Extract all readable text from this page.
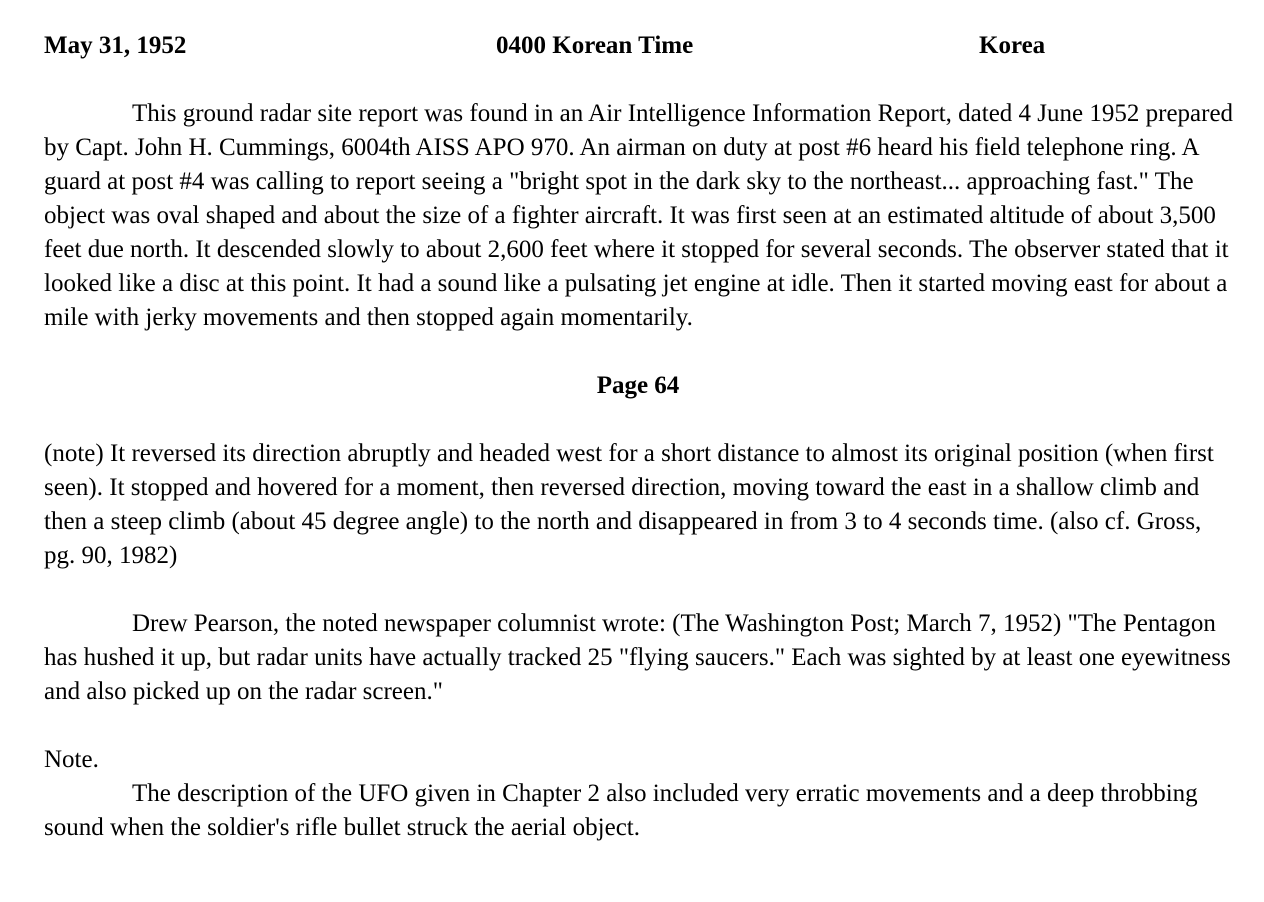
May 31, 1952	0400 Korean Time	Korea

This ground radar site report was found in an Air Intelligence Information Report, dated 4 June 1952 prepared by Capt. John H. Cummings, 6004th AISS APO 970. An airman on duty at post #6 heard his field telephone ring. A guard at post #4 was calling to report seeing a "bright spot in the dark sky to the northeast... approaching fast." The object was oval shaped and about the size of a fighter aircraft. It was first seen at an estimated altitude of about 3,500 feet due north. It descended slowly to about 2,600 feet where it stopped for several seconds. The observer stated that it looked like a disc at this point. It had a sound like a pulsating jet engine at idle. Then it started moving east for about a mile with jerky movements and then stopped again momentarily.

Page 64

(note) It reversed its direction abruptly and headed west for a short distance to almost its original position (when first seen). It stopped and hovered for a moment, then reversed direction, moving toward the east in a shallow climb and then a steep climb (about 45 degree angle) to the north and disappeared in from 3 to 4 seconds time. (also cf. Gross, pg. 90, 1982)

Drew Pearson, the noted newspaper columnist wrote: (The Washington Post; March 7, 1952) "The Pentagon has hushed it up, but radar units have actually tracked 25 "flying saucers." Each was sighted by at least one eyewitness and also picked up on the radar screen."

Note.

The description of the UFO given in Chapter 2 also included very erratic movements and a deep throbbing sound when the soldier's rifle bullet struck the aerial object.
